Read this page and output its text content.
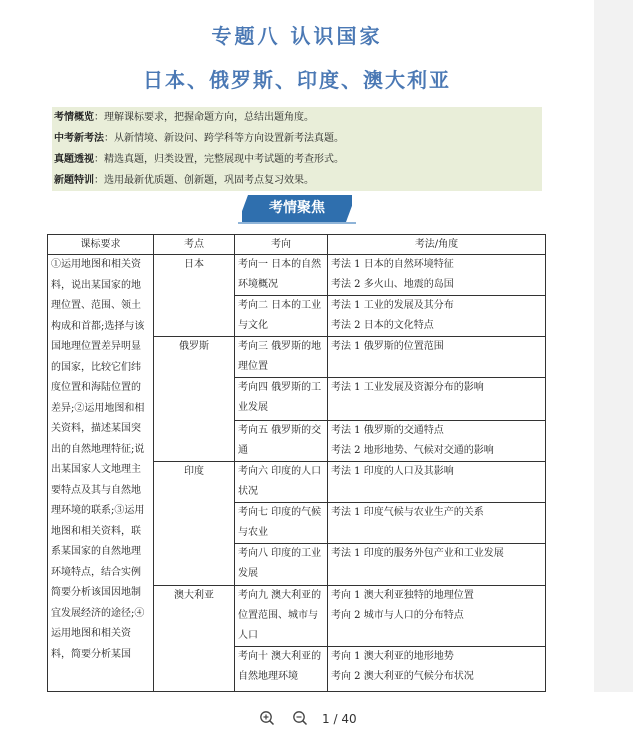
专题八 认识国家
日本、俄罗斯、印度、澳大利亚
考情概览：理解课标要求，把握命题方向，总结出题角度。
中考新考法：从新情境、新设问、跨学科等方向设置新考法真题。
真题透视：精选真题，归类设置，完整展现中考试题的考查形式。
新题特训：选用最新优质题、创新题，巩固考点复习效果。
考情聚焦
课标要求	考点	考向	考法/角度
①运用地图和相关资料，说出某国家的地理位置、范围、领土构成和首都;选择与该国地理位置差异明显的国家，比较它们纬度位置和海陆位置的差异;②运用地图和相关资料，描述某国突出的自然地理特征;说出某国家人文地理主要特点及其与自然地理环境的联系;③运用地图和相关资料，联系某国家的自然地理环境特点，结合实例简要分析该国因地制宜发展经济的途径;④运用地图和相关资料，简要分析某国	日本	考向一 日本的自然环境概况	考法 1 日本的自然环境特征
考法 2 多火山、地震的岛国

		考向二 日本的工业与文化	考法 1 工业的发展及其分布
考法 2 日本的文化特点

	俄罗斯	考向三 俄罗斯的地理位置	考法 1 俄罗斯的位置范围

		考向四 俄罗斯的工业发展	考法 1 工业发展及资源分布的影响

		考向五 俄罗斯的交通	考法 1 俄罗斯的交通特点
考法 2 地形地势、气候对交通的影响

	印度	考向六 印度的人口状况	考法 1 印度的人口及其影响

		考向七 印度的气候与农业	考法 1 印度气候与农业生产的关系

		考向八 印度的工业发展	考法 1 印度的服务外包产业和工业发展

	澳大利亚	考向九 澳大利亚的位置范围、城市与人口	考向 1 澳大利亚独特的地理位置
考向 2 城市与人口的分布特点

		考向十 澳大利亚的自然地理环境	考向 1 澳大利亚的地形地势
考向 2 澳大利亚的气候分布状况
1 / 40
